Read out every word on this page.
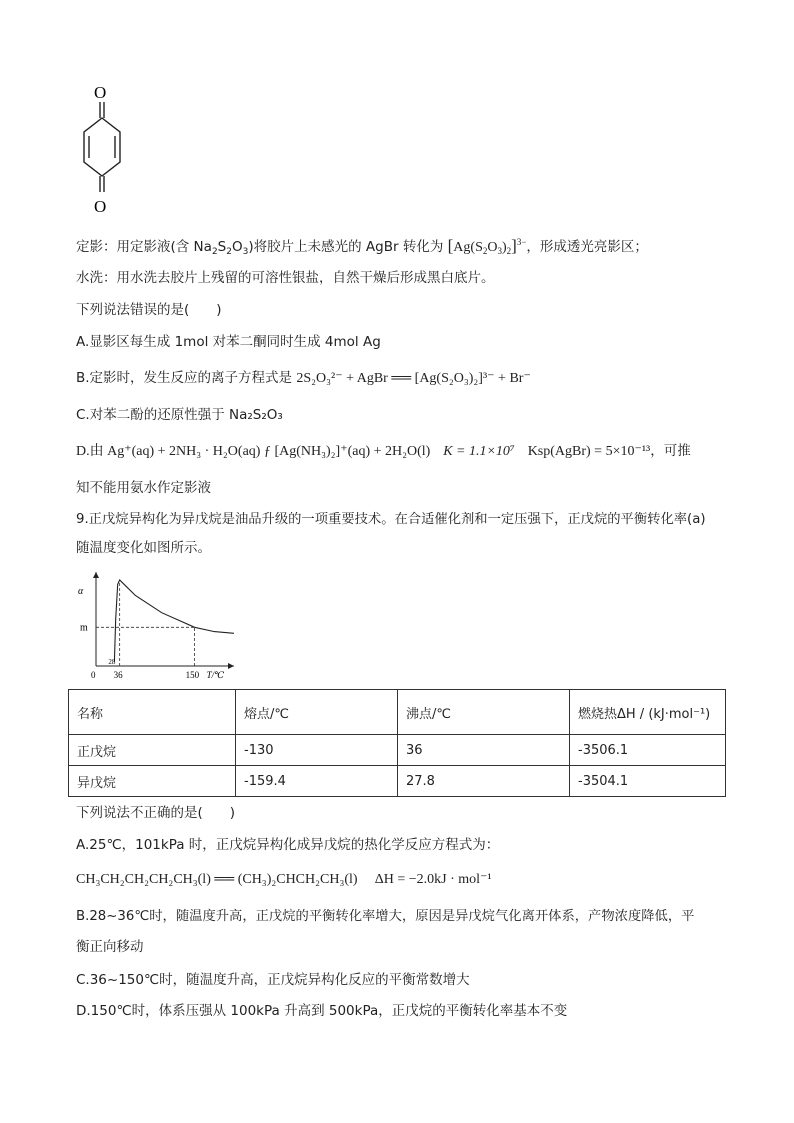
O
O
定影：用定影液(含 $Na_2S_2O_3$)将胶片上未感光的 AgBr 转化为 $[Ag(S_2O_3)_2]^{3-}$，形成透光亮影区；
水洗：用水洗去胶片上残留的可溶性银盐，自然干燥后形成黑白底片。
下列说法错误的是(　　)
A.显影区每生成 1mol 对苯二酮同时生成 4mol Ag
B.定影时，发生反应的离子方程式是 2S₂O₃²⁻ + AgBr ══ [Ag(S₂O₃)₂]³⁻ + Br⁻
C.对苯二酚的还原性强于 Na₂S₂O₃
D.由 Ag⁺(aq) + 2NH₃ · H₂O(aq) ƒ [Ag(NH₃)₂]⁺(aq) + 2H₂O(l) K = 1.1×10⁷ Ksp(AgBr) = 5×10⁻¹³，可推
知不能用氨水作定影液
9.正戊烷异构化为异戊烷是油品升级的一项重要技术。在合适催化剂和一定压强下，正戊烷的平衡转化率(a)
随温度变化如图所示。
α
m
0
28
36	150 T/℃
名称	熔点/℃	沸点/℃	燃烧热ΔH / (kJ·mol⁻¹)
正戊烷	-130	36	-3506.1
异戊烷	-159.4	27.8	-3504.1
下列说法不正确的是(　　)
A.25℃，101kPa 时，正戊烷异构化成异戊烷的热化学反应方程式为：
CH₃CH₂CH₂CH₂CH₃(l) ══ (CH₃)₂CHCH₂CH₃(l) ΔH = −2.0kJ · mol⁻¹
B.28~36℃时，随温度升高，正戊烷的平衡转化率增大，原因是异戊烷气化离开体系，产物浓度降低，平
衡正向移动
C.36~150℃时，随温度升高，正戊烷异构化反应的平衡常数增大
D.150℃时，体系压强从 100kPa 升高到 500kPa，正戊烷的平衡转化率基本不变
